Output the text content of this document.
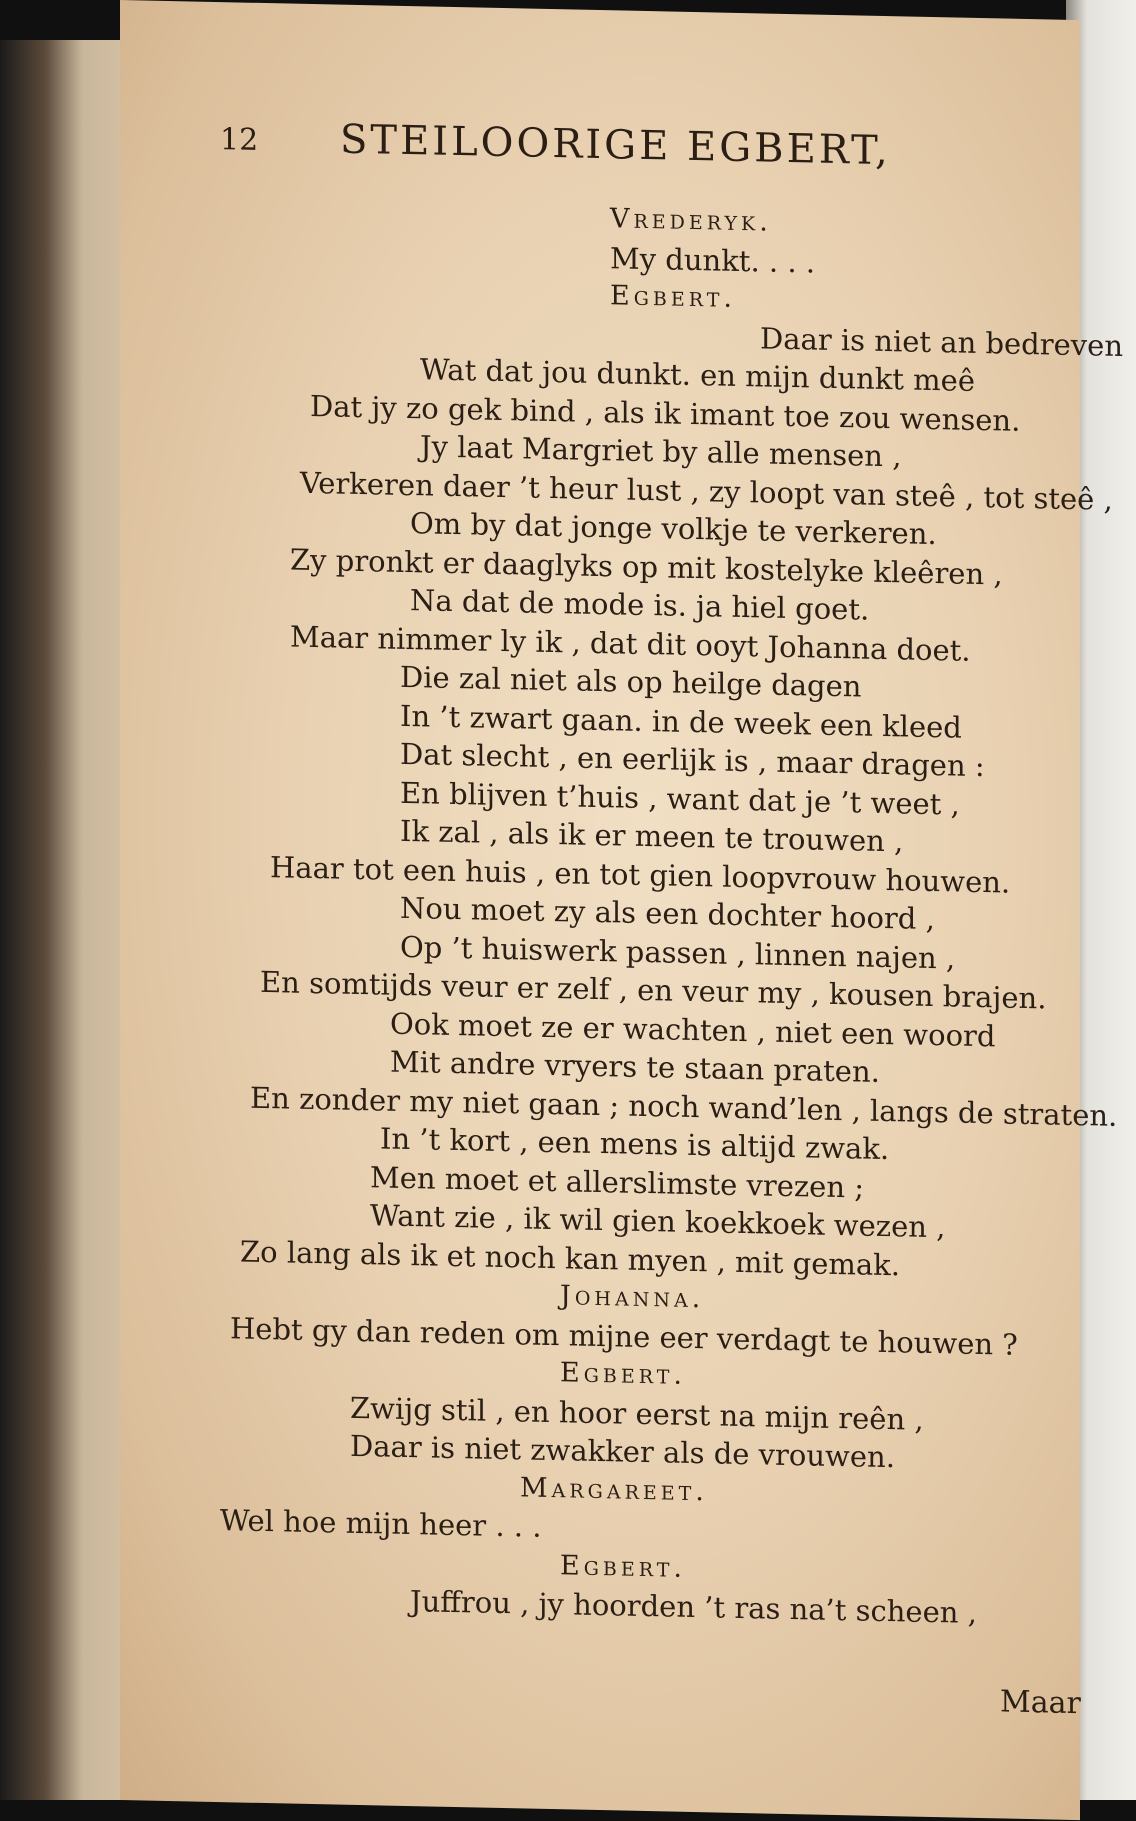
12 STEILOORIGE EGBERT,
Vrederyk.
My dunkt. . . .
Egbert.
Daar is niet an bedreven
Wat dat jou dunkt. en mijn dunkt meê
Dat jy zo gek bind , als ik imant toe zou wensen.
Jy laat Margriet by alle mensen ,
Verkeren daer ’t heur lust , zy loopt van steê , tot steê ,
Om by dat jonge volkje te verkeren.
Zy pronkt er daaglyks op mit kostelyke kleêren ,
Na dat de mode is. ja hiel goet.
Maar nimmer ly ik , dat dit ooyt Johanna doet.
Die zal niet als op heilge dagen
In ’t zwart gaan. in de week een kleed
Dat slecht , en eerlijk is , maar dragen :
En blijven t’huis , want dat je ’t weet ,
Ik zal , als ik er meen te trouwen ,
Haar tot een huis , en tot gien loopvrouw houwen.
Nou moet zy als een dochter hoord ,
Op ’t huiswerk passen , linnen najen ,
En somtijds veur er zelf , en veur my , kousen brajen.
Ook moet ze er wachten , niet een woord
Mit andre vryers te staan praten.
En zonder my niet gaan ; noch wand’len , langs de straten.
In ’t kort , een mens is altijd zwak.
Men moet et allerslimste vrezen ;
Want zie , ik wil gien koekkoek wezen ,
Zo lang als ik et noch kan myen , mit gemak.
Johanna.
Hebt gy dan reden om mijne eer verdagt te houwen ?
Egbert.
Zwijg stil , en hoor eerst na mijn reên ,
Daar is niet zwakker als de vrouwen.
Margareet.
Wel hoe mijn heer . . .
Egbert.
Juffrou , jy hoorden ’t ras na’t scheen ,
Maar
